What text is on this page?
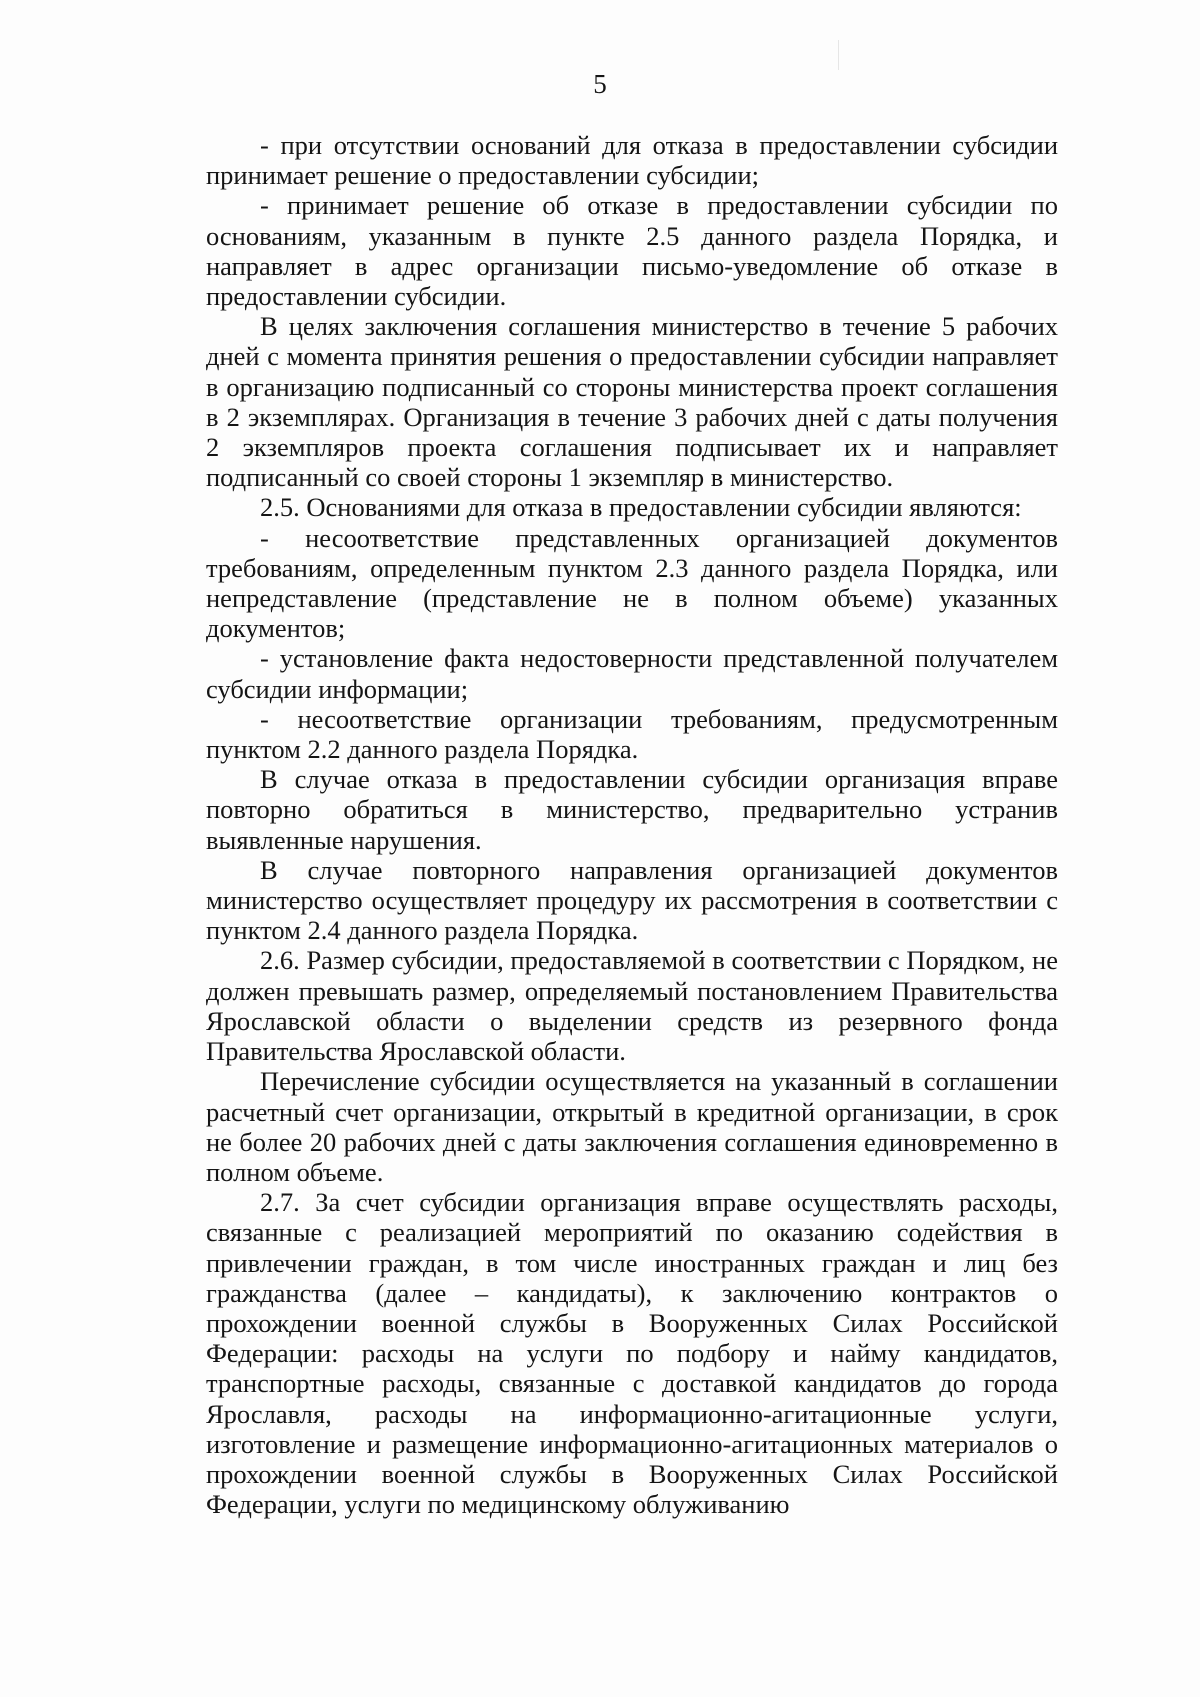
5

- при отсутствии оснований для отказа в предоставлении субсидии принимает решение о предоставлении субсидии;

- принимает решение об отказе в предоставлении субсидии по основаниям, указанным в пункте 2.5 данного раздела Порядка, и направляет в адрес организации письмо-уведомление об отказе в предоставлении субсидии.

В целях заключения соглашения министерство в течение 5 рабочих дней с момента принятия решения о предоставлении субсидии направляет в организацию подписанный со стороны министерства проект соглашения в 2 экземплярах. Организация в течение 3 рабочих дней с даты получения 2 экземпляров проекта соглашения подписывает их и направляет подписанный со своей стороны 1 экземпляр в министерство.

2.5. Основаниями для отказа в предоставлении субсидии являются:

- несоответствие представленных организацией документов требованиям, определенным пунктом 2.3 данного раздела Порядка, или непредставление (представление не в полном объеме) указанных документов;

- установление факта недостоверности представленной получателем субсидии информации;

- несоответствие организации требованиям, предусмотренным пунктом 2.2 данного раздела Порядка.

В случае отказа в предоставлении субсидии организация вправе повторно обратиться в министерство, предварительно устранив выявленные нарушения.

В случае повторного направления организацией документов министерство осуществляет процедуру их рассмотрения в соответствии с пунктом 2.4 данного раздела Порядка.

2.6. Размер субсидии, предоставляемой в соответствии с Порядком, не должен превышать размер, определяемый постановлением Правительства Ярославской области о выделении средств из резервного фонда Правительства Ярославской области.

Перечисление субсидии осуществляется на указанный в соглашении расчетный счет организации, открытый в кредитной организации, в срок не более 20 рабочих дней с даты заключения соглашения единовременно в полном объеме.

2.7. За счет субсидии организация вправе осуществлять расходы, связанные с реализацией мероприятий по оказанию содействия в привлечении граждан, в том числе иностранных граждан и лиц без гражданства (далее – кандидаты), к заключению контрактов о прохождении военной службы в Вооруженных Силах Российской Федерации: расходы на услуги по подбору и найму кандидатов, транспортные расходы, связанные с доставкой кандидатов до города Ярославля, расходы на информационно-агитационные услуги, изготовление и размещение информационно-агитационных материалов о прохождении военной службы в Вооруженных Силах Российской Федерации, услуги по медицинскому облуживанию
